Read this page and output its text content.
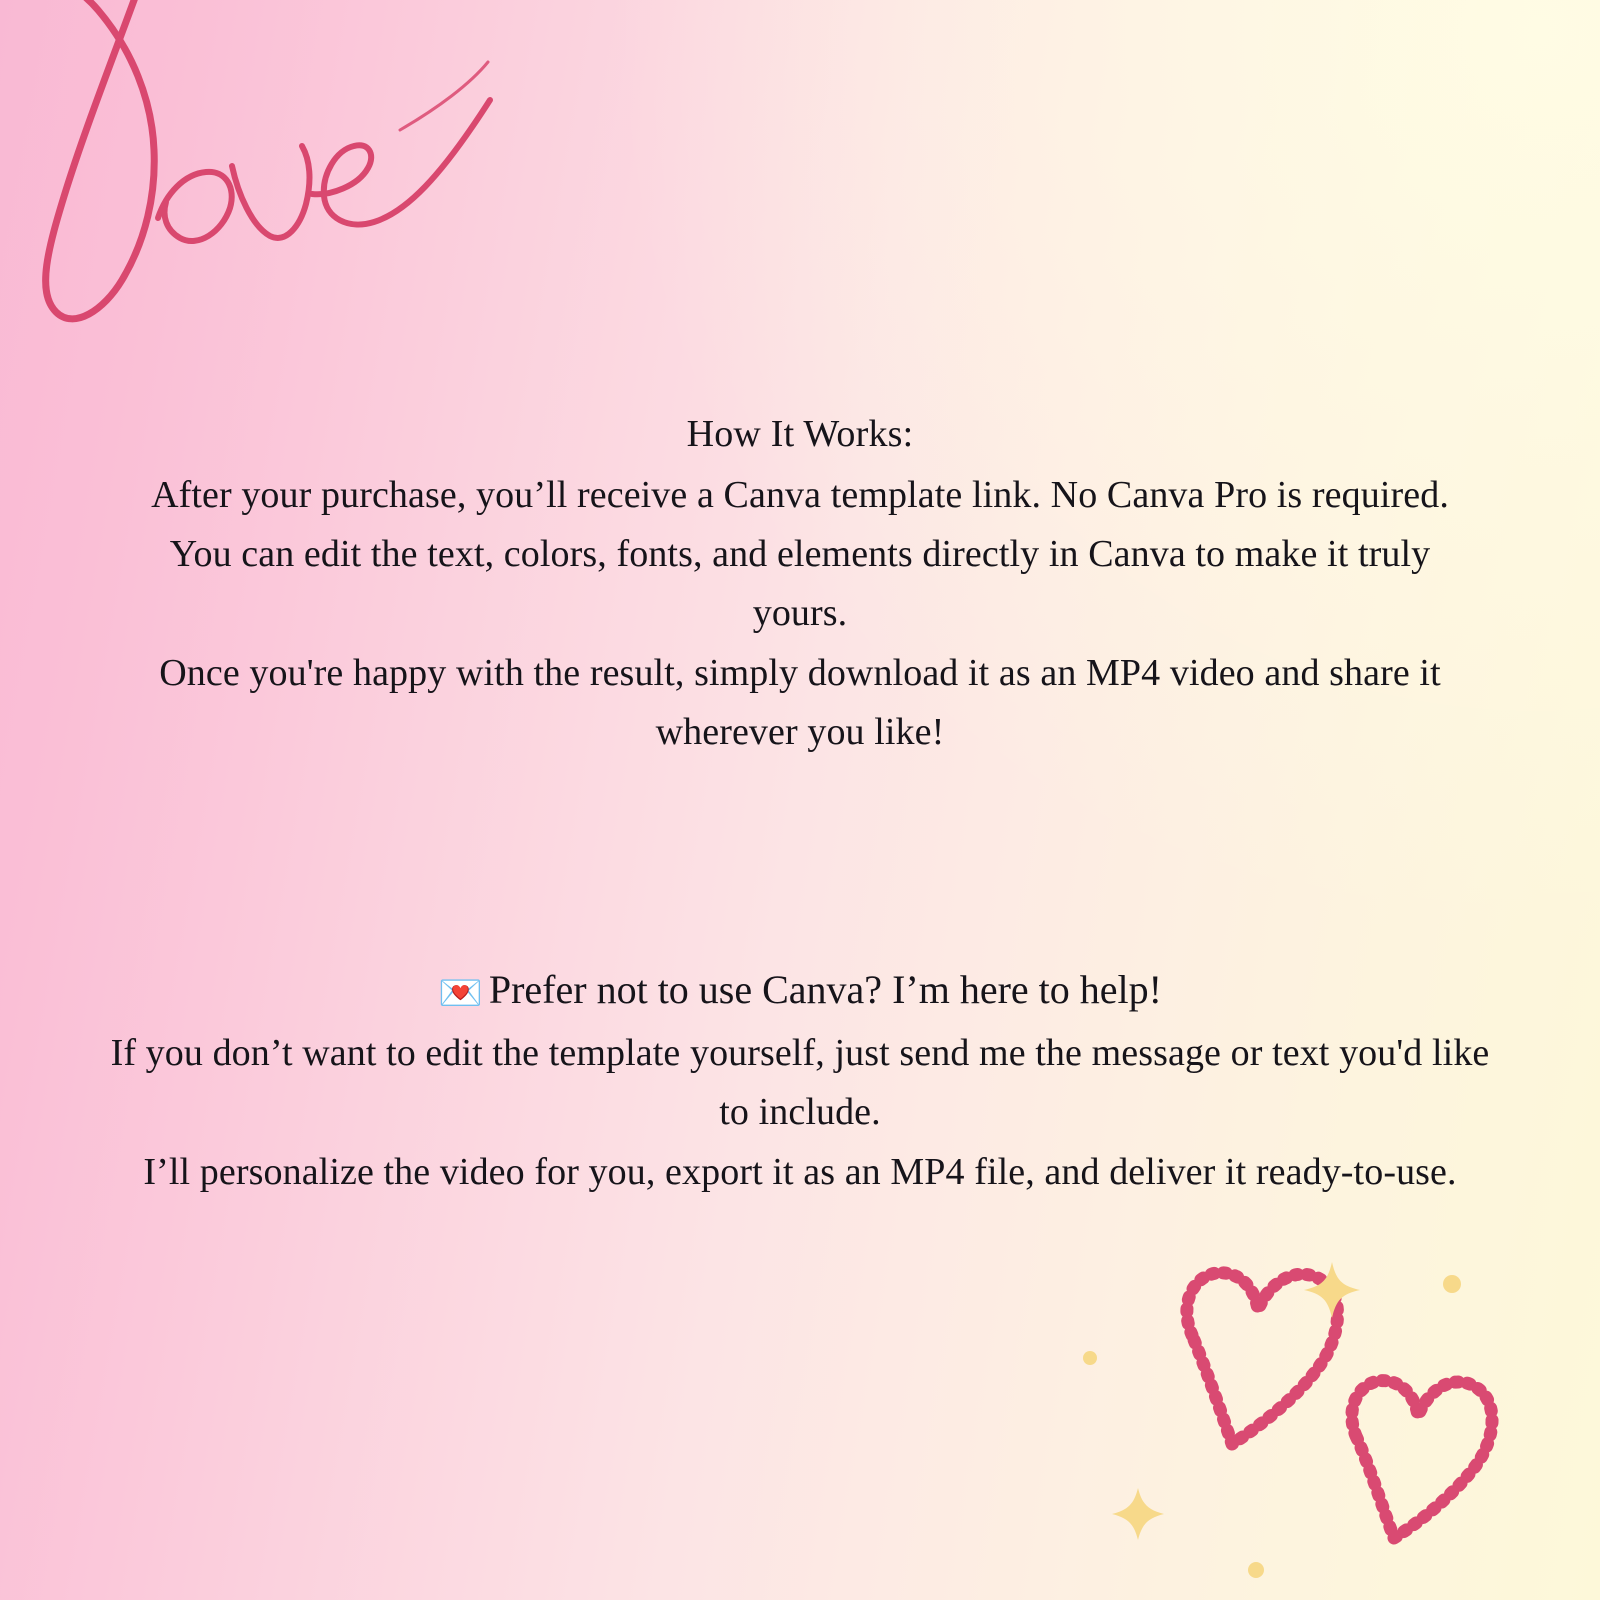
How It Works:

After your purchase, you’ll receive a Canva template link. No Canva Pro is required.

You can edit the text, colors, fonts, and elements directly in Canva to make it truly yours.

Once you're happy with the result, simply download it as an MP4 video and share it wherever you like!

💌 Prefer not to use Canva? I’m here to help!

If you don’t want to edit the template yourself, just send me the message or text you'd like to include.

I’ll personalize the video for you, export it as an MP4 file, and deliver it ready-to-use.
